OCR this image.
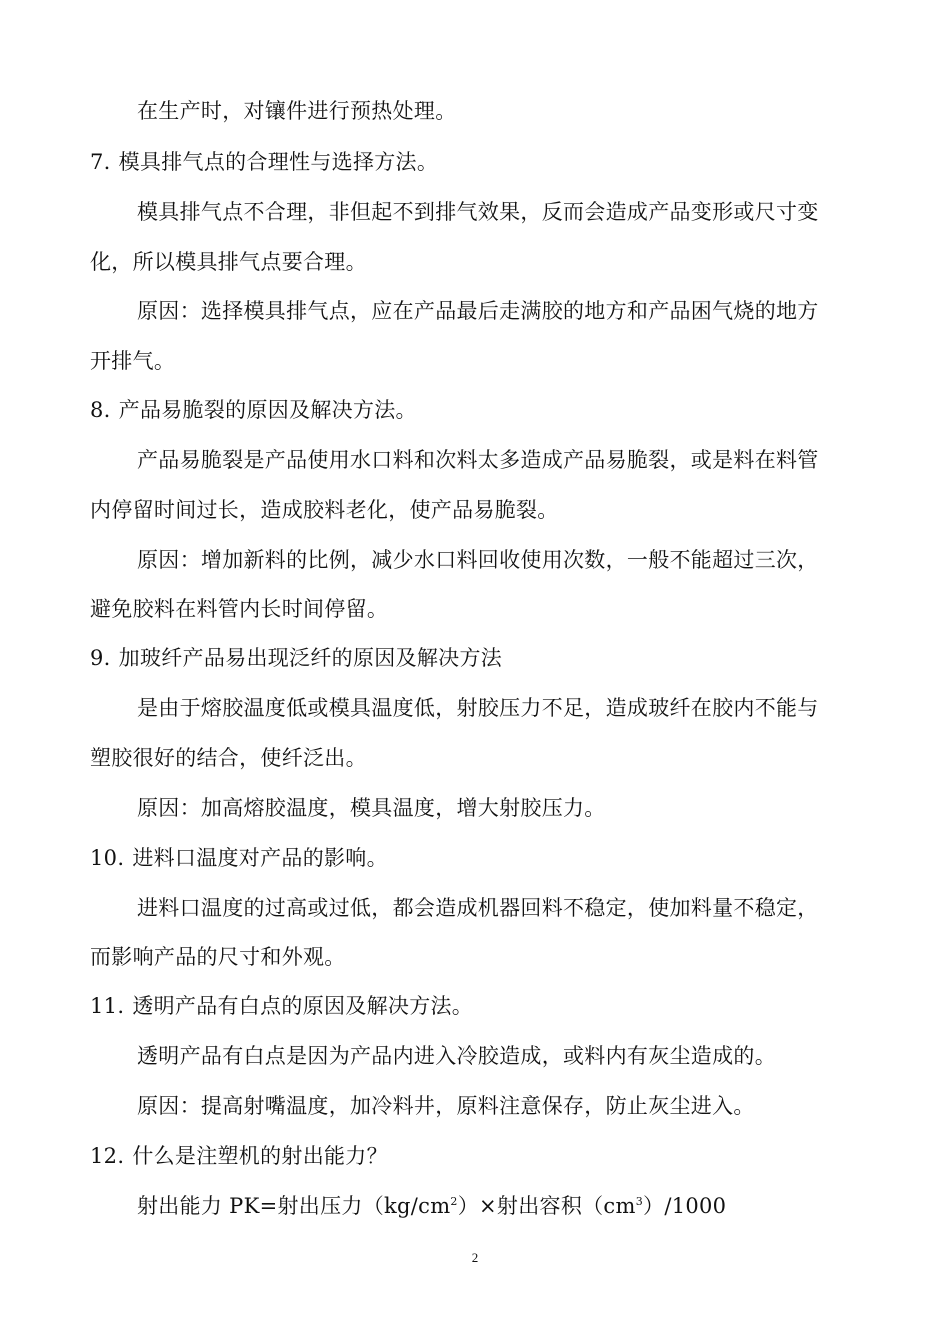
在生产时，对镶件进行预热处理。
7. 模具排气点的合理性与选择方法。
模具排气点不合理，非但起不到排气效果，反而会造成产品变形或尺寸变
化，所以模具排气点要合理。
原因：选择模具排气点，应在产品最后走满胶的地方和产品困气烧的地方
开排气。
8. 产品易脆裂的原因及解决方法。
产品易脆裂是产品使用水口料和次料太多造成产品易脆裂，或是料在料管
内停留时间过长，造成胶料老化，使产品易脆裂。
原因：增加新料的比例，减少水口料回收使用次数，一般不能超过三次，
避免胶料在料管内长时间停留。
9. 加玻纤产品易出现泛纤的原因及解决方法
是由于熔胶温度低或模具温度低，射胶压力不足，造成玻纤在胶内不能与
塑胶很好的结合，使纤泛出。
原因：加高熔胶温度，模具温度，增大射胶压力。
10. 进料口温度对产品的影响。
进料口温度的过高或过低，都会造成机器回料不稳定，使加料量不稳定，
而影响产品的尺寸和外观。
11. 透明产品有白点的原因及解决方法。
透明产品有白点是因为产品内进入冷胶造成，或料内有灰尘造成的。
原因：提高射嘴温度，加冷料井，原料注意保存，防止灰尘进入。
12. 什么是注塑机的射出能力？
射出能力 PK=射出压力$(kg/cm^2)\times$射出容积$(cm^3)/1000$
2
